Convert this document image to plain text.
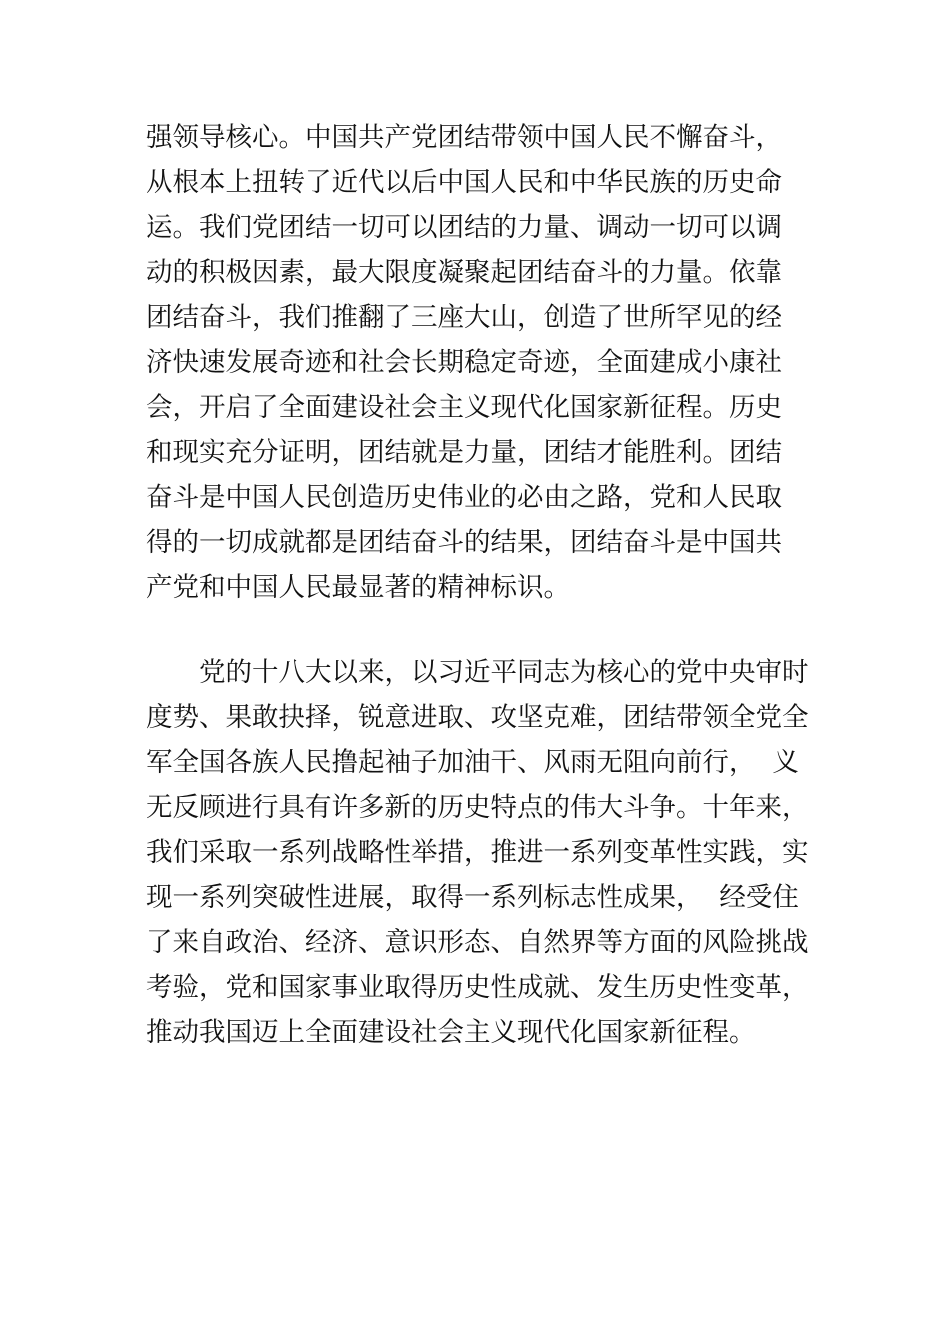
强领导核心。中国共产党团结带领中国人民不懈奋斗，

从根本上扭转了近代以后中国人民和中华民族的历史命

运。我们党团结一切可以团结的力量、调动一切可以调

动的积极因素，最大限度凝聚起团结奋斗的力量。依靠

团结奋斗，我们推翻了三座大山，创造了世所罕见的经

济快速发展奇迹和社会长期稳定奇迹，全面建成小康社

会，开启了全面建设社会主义现代化国家新征程。历史

和现实充分证明，团结就是力量，团结才能胜利。团结

奋斗是中国人民创造历史伟业的必由之路，党和人民取

得的一切成就都是团结奋斗的结果，团结奋斗是中国共

产党和中国人民最显著的精神标识。

党的十八大以来，以习近平同志为核心的党中央审时

度势、果敢抉择，锐意进取、攻坚克难，团结带领全党全

军全国各族人民撸起袖子加油干、风雨无阻向前行，  义

无反顾进行具有许多新的历史特点的伟大斗争。十年来，

我们采取一系列战略性举措，推进一系列变革性实践，实

现一系列突破性进展，取得一系列标志性成果，  经受住

了来自政治、经济、意识形态、自然界等方面的风险挑战

考验，党和国家事业取得历史性成就、发生历史性变革，

推动我国迈上全面建设社会主义现代化国家新征程。
